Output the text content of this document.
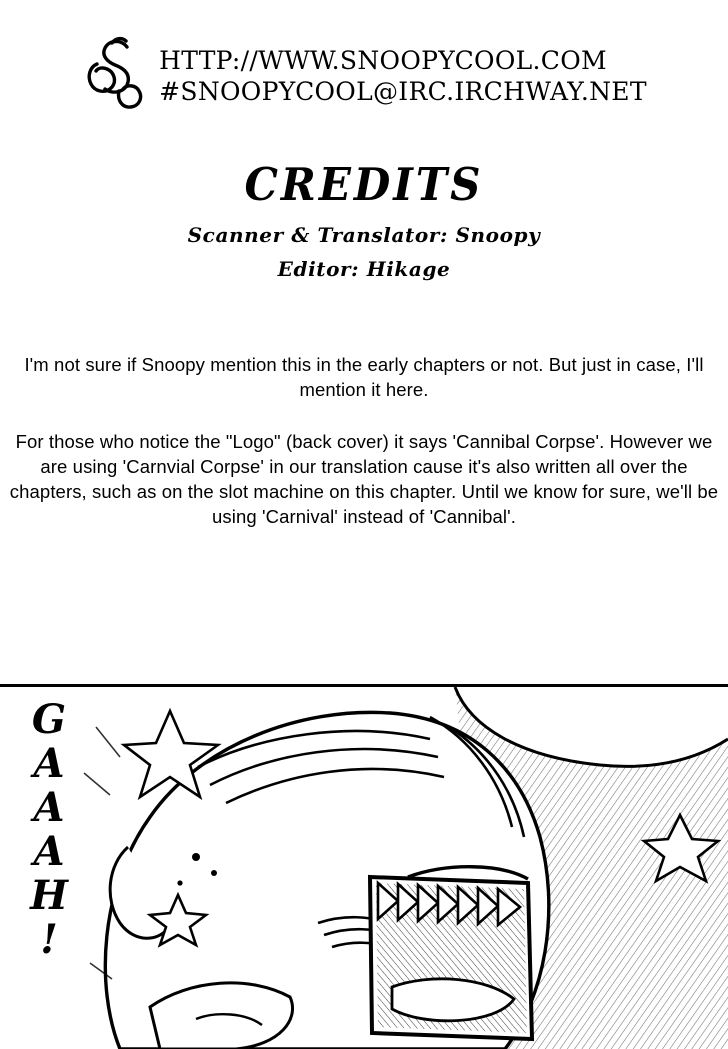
HTTP://WWW.SNOOPYCOOL.COM
#SNOOPYCOOL@IRC.IRCHWAY.NET
CREDITS
Scanner & Translator: Snoopy
Editor: Hikage

I'm not sure if Snoopy mention this in the early chapters or not. But just in case, I'll mention it here.

For those who notice the "Logo" (back cover) it says 'Cannibal Corpse'. However we are using 'Carnvial Corpse' in our translation cause it's also written all over the chapters, such as on the slot machine on this chapter. Until we know for sure, we'll be using 'Carnival' instead of 'Cannibal'.

G
A
A
A
H
!
